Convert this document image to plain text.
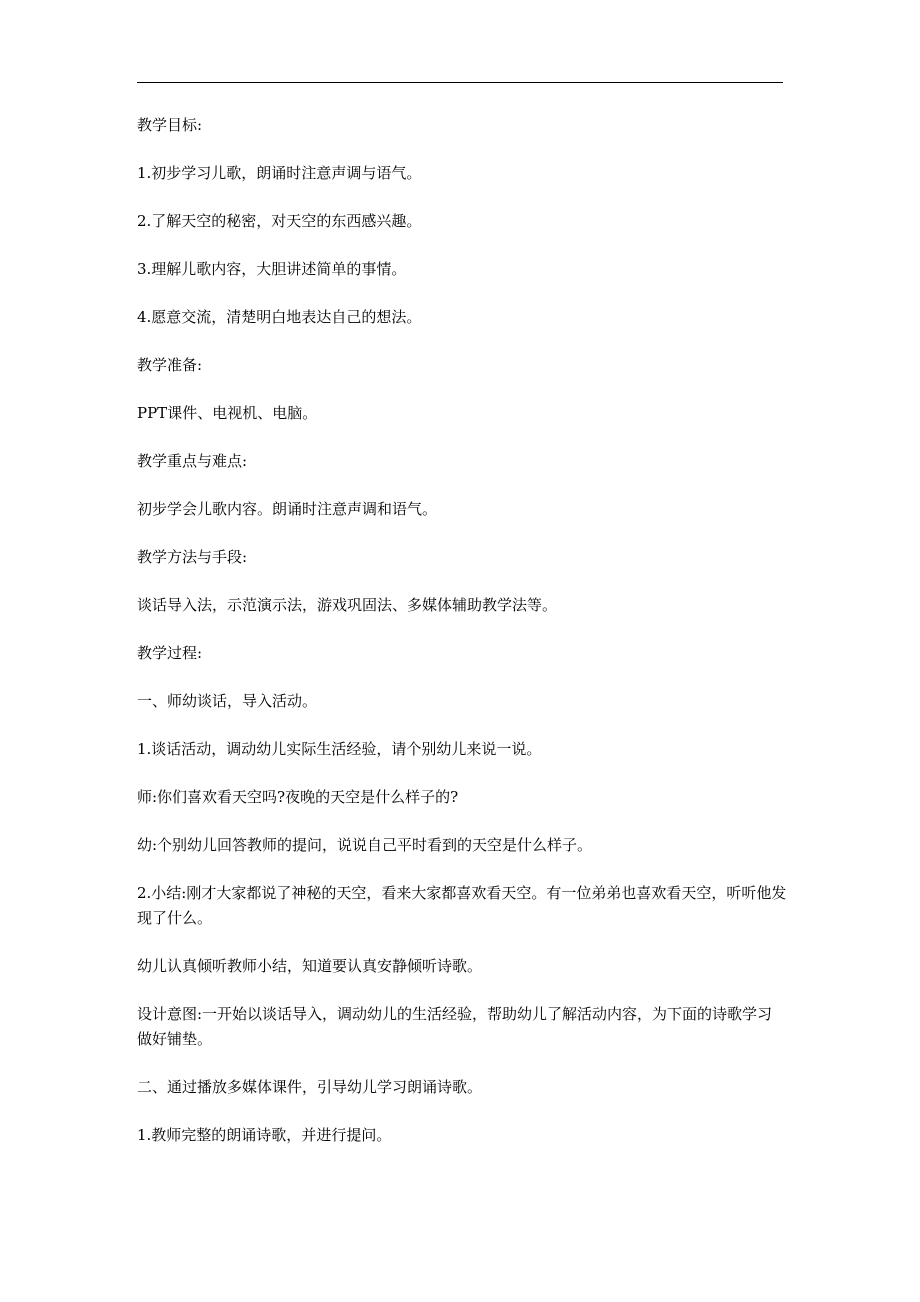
教学目标:

1.初步学习儿歌，朗诵时注意声调与语气。

2.了解天空的秘密，对天空的东西感兴趣。

3.理解儿歌内容，大胆讲述简单的事情。

4.愿意交流，清楚明白地表达自己的想法。

教学准备:

PPT课件、电视机、电脑。

教学重点与难点:

初步学会儿歌内容。朗诵时注意声调和语气。

教学方法与手段:

谈话导入法，示范演示法，游戏巩固法、多媒体辅助教学法等。

教学过程:

一、师幼谈话，导入活动。

1.谈话活动，调动幼儿实际生活经验，请个别幼儿来说一说。

师:你们喜欢看天空吗?夜晚的天空是什么样子的?

幼:个别幼儿回答教师的提问，说说自己平时看到的天空是什么样子。

2.小结:刚才大家都说了神秘的天空，看来大家都喜欢看天空。有一位弟弟也喜欢看天空，听听他发现了什么。

幼儿认真倾听教师小结，知道要认真安静倾听诗歌。

设计意图:一开始以谈话导入，调动幼儿的生活经验，帮助幼儿了解活动内容，为下面的诗歌学习做好铺垫。

二、通过播放多媒体课件，引导幼儿学习朗诵诗歌。

1.教师完整的朗诵诗歌，并进行提问。
